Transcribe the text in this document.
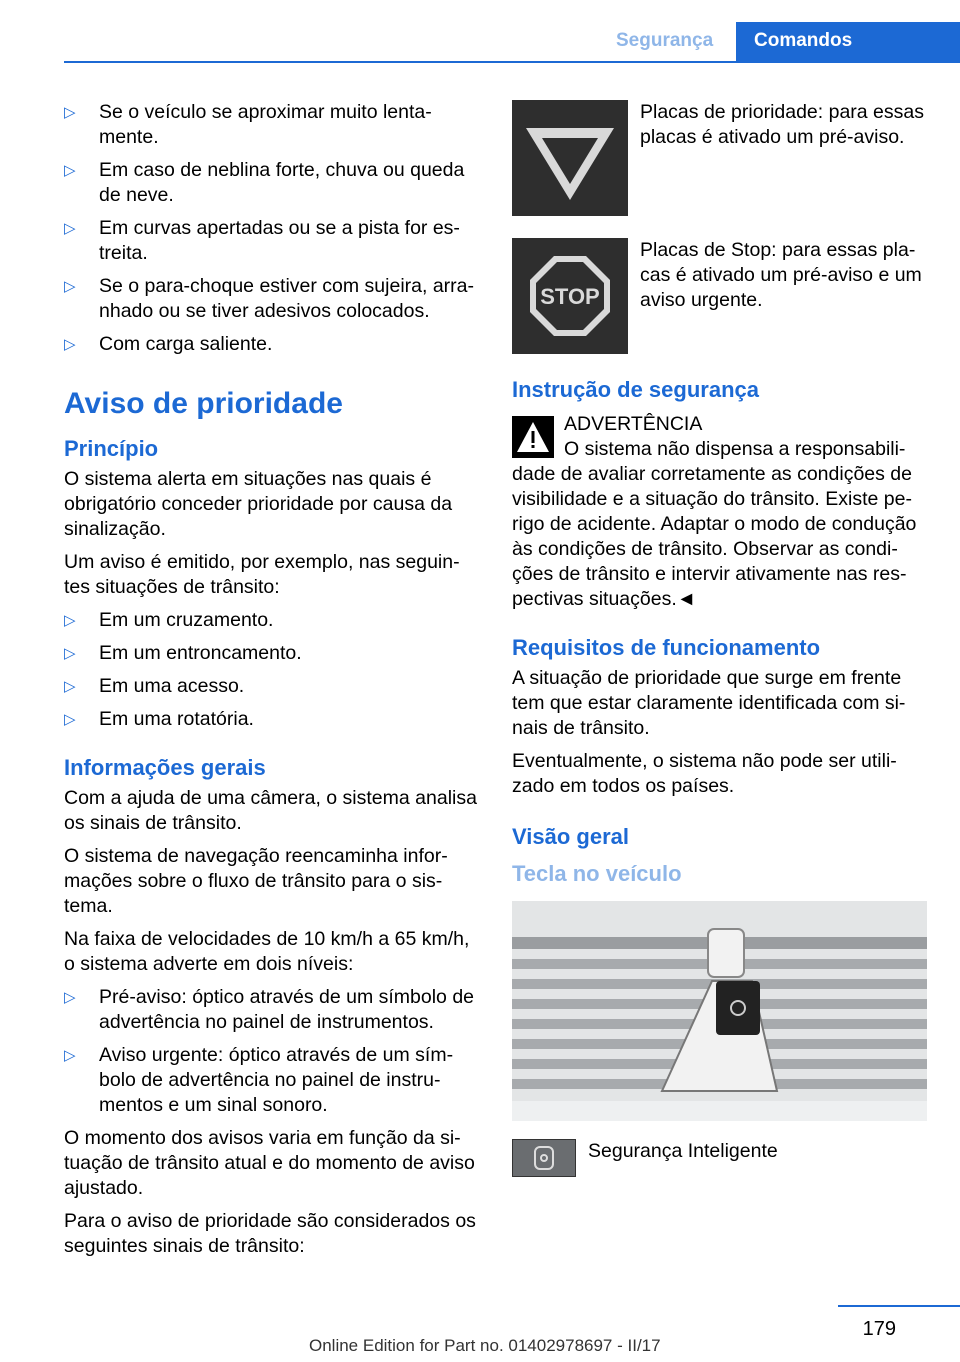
Segurança	Comandos
▷ Se o veículo se aproximar muito lenta-mente.
▷ Em caso de neblina forte, chuva ou queda de neve.
▷ Em curvas apertadas ou se a pista for es-treita.
▷ Se o para-choque estiver com sujeira, arra-nhado ou se tiver adesivos colocados.
▷ Com carga saliente.
Aviso de prioridade
Princípio

O sistema alerta em situações nas quais é obrigatório conceder prioridade por causa da sinalização.

Um aviso é emitido, por exemplo, nas seguin-tes situações de trânsito:

▷ Em um cruzamento.
▷ Em um entroncamento.
▷ Em uma acesso.
▷ Em uma rotatória.
Informações gerais

Com a ajuda de uma câmera, o sistema analisa os sinais de trânsito.

O sistema de navegação reencaminha infor-mações sobre o fluxo de trânsito para o sis-tema.

Na faixa de velocidades de 10 km/h a 65 km/h, o sistema adverte em dois níveis:

▷ Pré-aviso: óptico através de um símbolo de advertência no painel de instrumentos.
▷ Aviso urgente: óptico através de um sím-bolo de advertência no painel de instru-mentos e um sinal sonoro.

O momento dos avisos varia em função da si-tuação de trânsito atual e do momento de aviso ajustado.

Para o aviso de prioridade são considerados os seguintes sinais de trânsito:

Placas de prioridade: para essas placas é ativado um pré-aviso.
STOP
Placas de Stop: para essas pla-cas é ativado um pré-aviso e um aviso urgente.
Instrução de segurança

ADVERTÊNCIA

O sistema não dispensa a responsabili-dade de avaliar corretamente as condições de visibilidade e a situação do trânsito. Existe pe-rigo de acidente. Adaptar o modo de condução às condições de trânsito. Observar as condi-ções de trânsito e intervir ativamente nas res-pectivas situações.◄

Requisitos de funcionamento

A situação de prioridade que surge em frente tem que estar claramente identificada com si-nais de trânsito.

Eventualmente, o sistema não pode ser utili-zado em todos os países.

Visão geral
Tecla no veículo
Segurança Inteligente
179
Online Edition for Part no. 01402978697 - II/17
